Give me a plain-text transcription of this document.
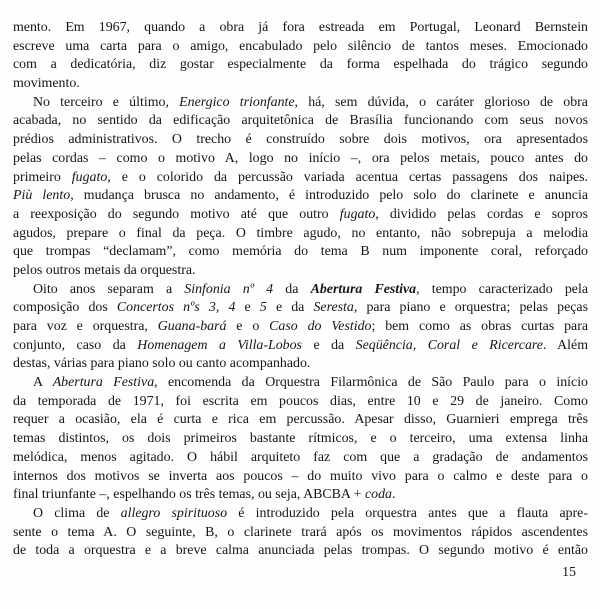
mento. Em 1967, quando a obra já fora estreada em Portugal, Leonard Bernstein
escreve uma carta para o amigo, encabulado pelo silêncio de tantos meses. Emocionado
com a dedicatória, diz gostar especialmente da forma espelhada do trágico segundo
movimento.
No terceiro e último, Energico trionfante, há, sem dúvida, o caráter glorioso de obra
acabada, no sentido da edificação arquitetônica de Brasília funcionando com seus novos
prédios administrativos. O trecho é construído sobre dois motivos, ora apresentados
pelas cordas – como o motivo A, logo no início –, ora pelos metais, pouco antes do
primeiro fugato, e o colorido da percussão variada acentua certas passagens dos naipes.
Più lento, mudança brusca no andamento, é introduzido pelo solo do clarinete e anuncia
a reexposição do segundo motivo até que outro fugato, dividido pelas cordas e sopros
agudos, prepare o final da peça. O timbre agudo, no entanto, não sobrepuja a melodia
que trompas “declamam”, como memória do tema B num imponente coral, reforçado
pelos outros metais da orquestra.
Oito anos separam a Sinfonia nº 4 da Abertura Festiva, tempo caracterizado pela
composição dos Concertos nºs 3, 4 e 5 e da Seresta, para piano e orquestra; pelas peças
para voz e orquestra, Guana-bará e o Caso do Vestido; bem como as obras curtas para
conjunto, caso da Homenagem a Villa-Lobos e da Seqüência, Coral e Ricercare. Além
destas, várias para piano solo ou canto acompanhado.
A Abertura Festiva, encomenda da Orquestra Filarmônica de São Paulo para o início
da temporada de 1971, foi escrita em poucos dias, entre 10 e 29 de janeiro. Como
requer a ocasião, ela é curta e rica em percussão. Apesar disso, Guarnieri emprega três
temas distintos, os dois primeiros bastante rítmicos, e o terceiro, uma extensa linha
melódica, menos agitado. O hábil arquiteto faz com que a gradação de andamentos
internos dos motivos se inverta aos poucos – do muito vivo para o calmo e deste para o
final triunfante –, espelhando os três temas, ou seja, ABCBA + coda.
O clima de allegro spirituoso é introduzido pela orquestra antes que a flauta apre-
sente o tema A. O seguinte, B, o clarinete trará após os movimentos rápidos ascendentes
de toda a orquestra e a breve calma anunciada pelas trompas. O segundo motivo é então
15
